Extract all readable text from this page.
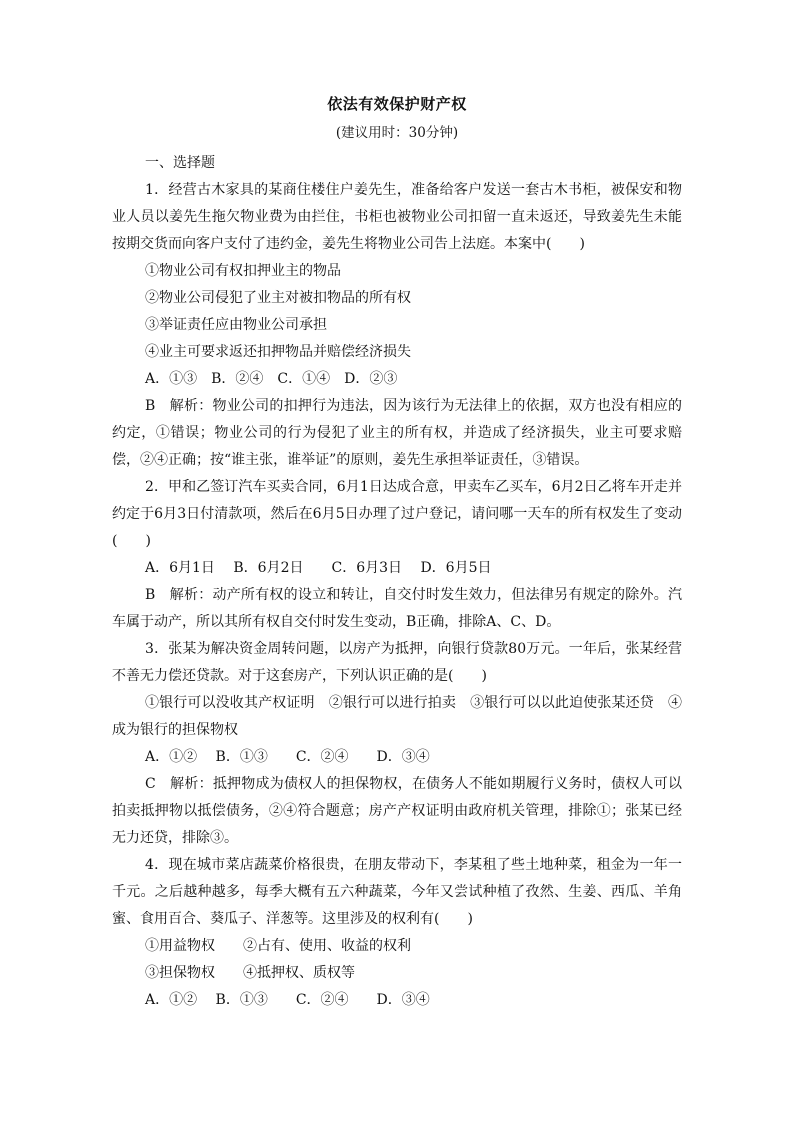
依法有效保护财产权
(建议用时：30分钟)

一、选择题

1．经营古木家具的某商住楼住户姜先生，准备给客户发送一套古木书柜，被保安和物业人员以姜先生拖欠物业费为由拦住，书柜也被物业公司扣留一直未返还，导致姜先生未能按期交货而向客户支付了违约金，姜先生将物业公司告上法庭。本案中(　　)

①物业公司有权扣押业主的物品

②物业公司侵犯了业主对被扣物品的所有权

③举证责任应由物业公司承担

④业主可要求返还扣押物品并赔偿经济损失

A．①③　B．②④　C．①④　D．②③

B　解析：物业公司的扣押行为违法，因为该行为无法律上的依据，双方也没有相应的约定，①错误；物业公司的行为侵犯了业主的所有权，并造成了经济损失，业主可要求赔偿，②④正确；按“谁主张，谁举证”的原则，姜先生承担举证责任，③错误。

2．甲和乙签订汽车买卖合同，6月1日达成合意，甲卖车乙买车，6月2日乙将车开走并约定于6月3日付清款项，然后在6月5日办理了过户登记，请问哪一天车的所有权发生了变动(　　)

A．6月1日　 B．6月2日　　C．6月3日　 D．6月5日

B　解析：动产所有权的设立和转让，自交付时发生效力，但法律另有规定的除外。汽车属于动产，所以其所有权自交付时发生变动，B正确，排除A、C、D。

3．张某为解决资金周转问题，以房产为抵押，向银行贷款80万元。一年后，张某经营不善无力偿还贷款。对于这套房产，下列认识正确的是(　　)

①银行可以没收其产权证明　②银行可以进行拍卖　③银行可以以此迫使张某还贷　④成为银行的担保物权

A．①②　 B．①③　　C．②④　　D．③④

C　解析：抵押物成为债权人的担保物权，在债务人不能如期履行义务时，债权人可以拍卖抵押物以抵偿债务，②④符合题意；房产产权证明由政府机关管理，排除①；张某已经无力还贷，排除③。

4．现在城市菜店蔬菜价格很贵，在朋友带动下，李某租了些土地种菜，租金为一年一千元。之后越种越多，每季大概有五六种蔬菜，今年又尝试种植了孜然、生姜、西瓜、羊角蜜、食用百合、葵瓜子、洋葱等。这里涉及的权利有(　　)

①用益物权　　②占有、使用、收益的权利

③担保物权　　④抵押权、质权等

A．①②　 B．①③　　C．②④　　D．③④
